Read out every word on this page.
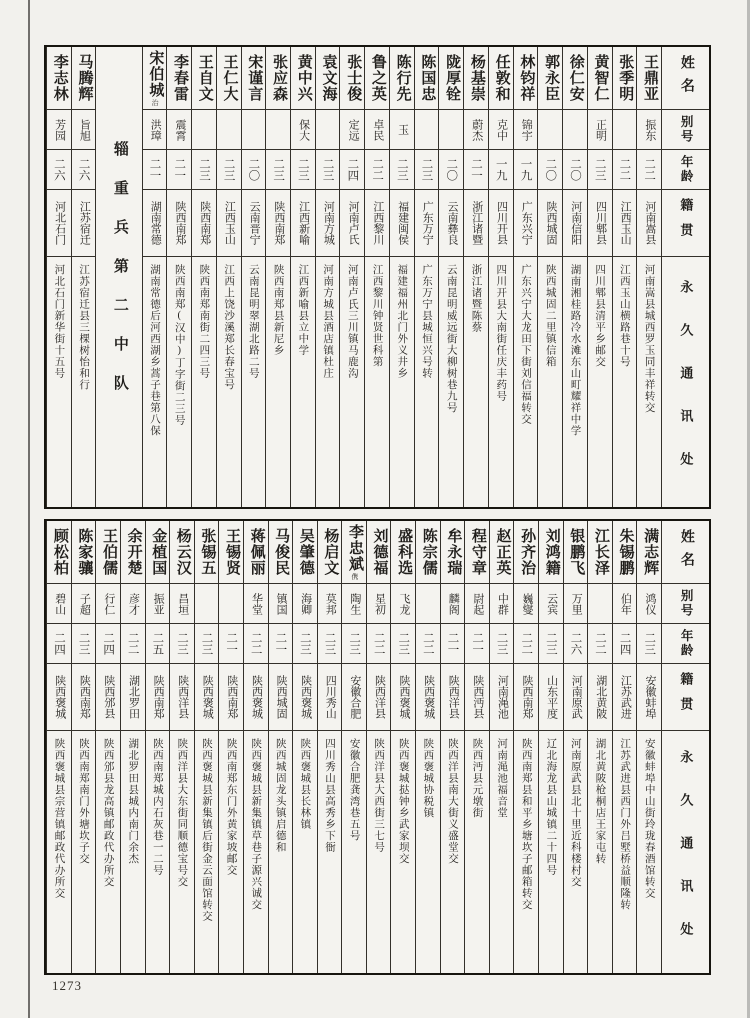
王鼎亚
振东
二二
河南嵩县
河南嵩县城西罗玉同丰祥转交
张季明
二二
江西玉山
江西玉山横路巷十号
黄智仁
正明
二三
四川郫县
四川郫县清平乡邮交
徐仁安
二〇
河南信阳
湖南湘桂路冷水滩东山町耀祥中学
郭永臣
二〇
陕西城固
陕西城固二里镇信箱
林钧祥
锦宇
一九
广东兴宁
广东兴宁大龙田下街刘信福转交
任敦和
克中
一九
四川开县
四川开县大南街任庆丰药号
杨基崇
蔚杰
二一
浙江诸暨
浙江诸暨陈蔡
陇厚铨
二〇
云南彝良
云南昆明威远街大柳树巷九号
陈国忠
二三
广东万宁
广东万宁县城恒兴号转
陈行先
玉
二三
福建闽侯
福建福州北门外义井乡
鲁之英
卓民
二二
江西黎川
江西黎川钟贤世科第
张士俊
定远
二四
河南卢氏
河南卢氏三川镇马鹿沟
袁文海
二三
河南方城
河南方城县酒店镇杜庄
黄中兴
保大
二三
江西新喻
江西新喻县立中学
张应森
二三
陕西南郑
陕西南郑县新尼乡
宋谨言
二〇
云南晋宁
云南昆明翠湖北路二号
王仁大
二三
江西玉山
江西上饶沙溪郑长春宝号
王自文
二三
陕西南郑
陕西南郑南街二四三号
李春雷
震霄
二一
陕西南郑
陕西南郑(汉中)丁字街二三号
宋伯城
治
洪璋
二一
湖南常德
湖南常德后河西湖乡蒿子巷第八保
辎重兵第二中队
马腾辉
旨旭
二六
江苏宿迁
江苏宿迁县三棵树怡和行
李志林
芳园
二六
河北石门
河北石门新华街十五号
姓名
别号
年龄
籍贯
永久通讯处
满志辉
鸿仪
二三
安徽蚌埠
安徽蚌埠中山街玲珑春酒馆转交
朱锡鹏
伯年
二四
江苏武进
江苏武进县西门外吕墅桥益顺隆转
江长泽
二二
湖北黄陂
湖北黄陂枪桐店王家屯转
银鹏飞
万里
二六
河南原武
河南原武县北十里近科楼村交
刘鸿籍
云宾
二三
山东平度
辽北海龙县山城镇二十四号
孙齐治
巍燮
二二
陕西南郑
陕西南郑县和平乡塘坎子邮箱转交
赵正英
中群
二三
河南渑池
河南渑池福音堂
程守章
尉起
二一
陕西沔县
陕西沔县元墩街
牟永瑞
麟阁
二一
陕西洋县
陕西洋县南大街义盛堂交
陈宗儒
二二
陕西褒城
陕西褒城协税镇
盛科选
飞龙
二三
陕西褒城
陕西褒城挞钟乡武家坝交
刘德福
星初
二二
陕西洋县
陕西洋县大西街三七号
李忠斌
㑺
陶生
二三
安徽合肥
安徽合肥龚湾巷五号
杨启文
莫邦
二三
四川秀山
四川秀山县高秀乡下衙
吴肇德
海卿
二三
陕西褒城
陕西褒城县长林镇
马俊民
镇国
二一
陕西城固
陕西城固龙头镇启德和
蒋佩丽
华堂
二二
陕西褒城
陕西褒城县新集镇草巷子源兴诚交
王锡贤
二一
陕西南郑
陕西南郑东门外黄家坡邮交
张锡五
二三
陕西褒城
陕西褒城县新集镇后街金云面馆转交
杨云汉
昌垣
二三
陕西洋县
陕西洋县大东街同顺德宝号交
金植国
振亚
二五
陕西南郑
陕西南郑城内石灰巷一二号
余开楚
彦才
二二
湖北罗田
湖北罗田县城内南门余杰
王伯儒
行仁
二四
陕西邠县
陕西邠县龙高镇邮政代办所交
陈家骧
子超
二三
陕西南郑
陕西南郑南门外塘坎子交
顾松柏
碧山
二四
陕西褒城
陕西褒城县宗营镇邮政代办所交
姓名
别号
年龄
籍贯
永久通讯处
1273
